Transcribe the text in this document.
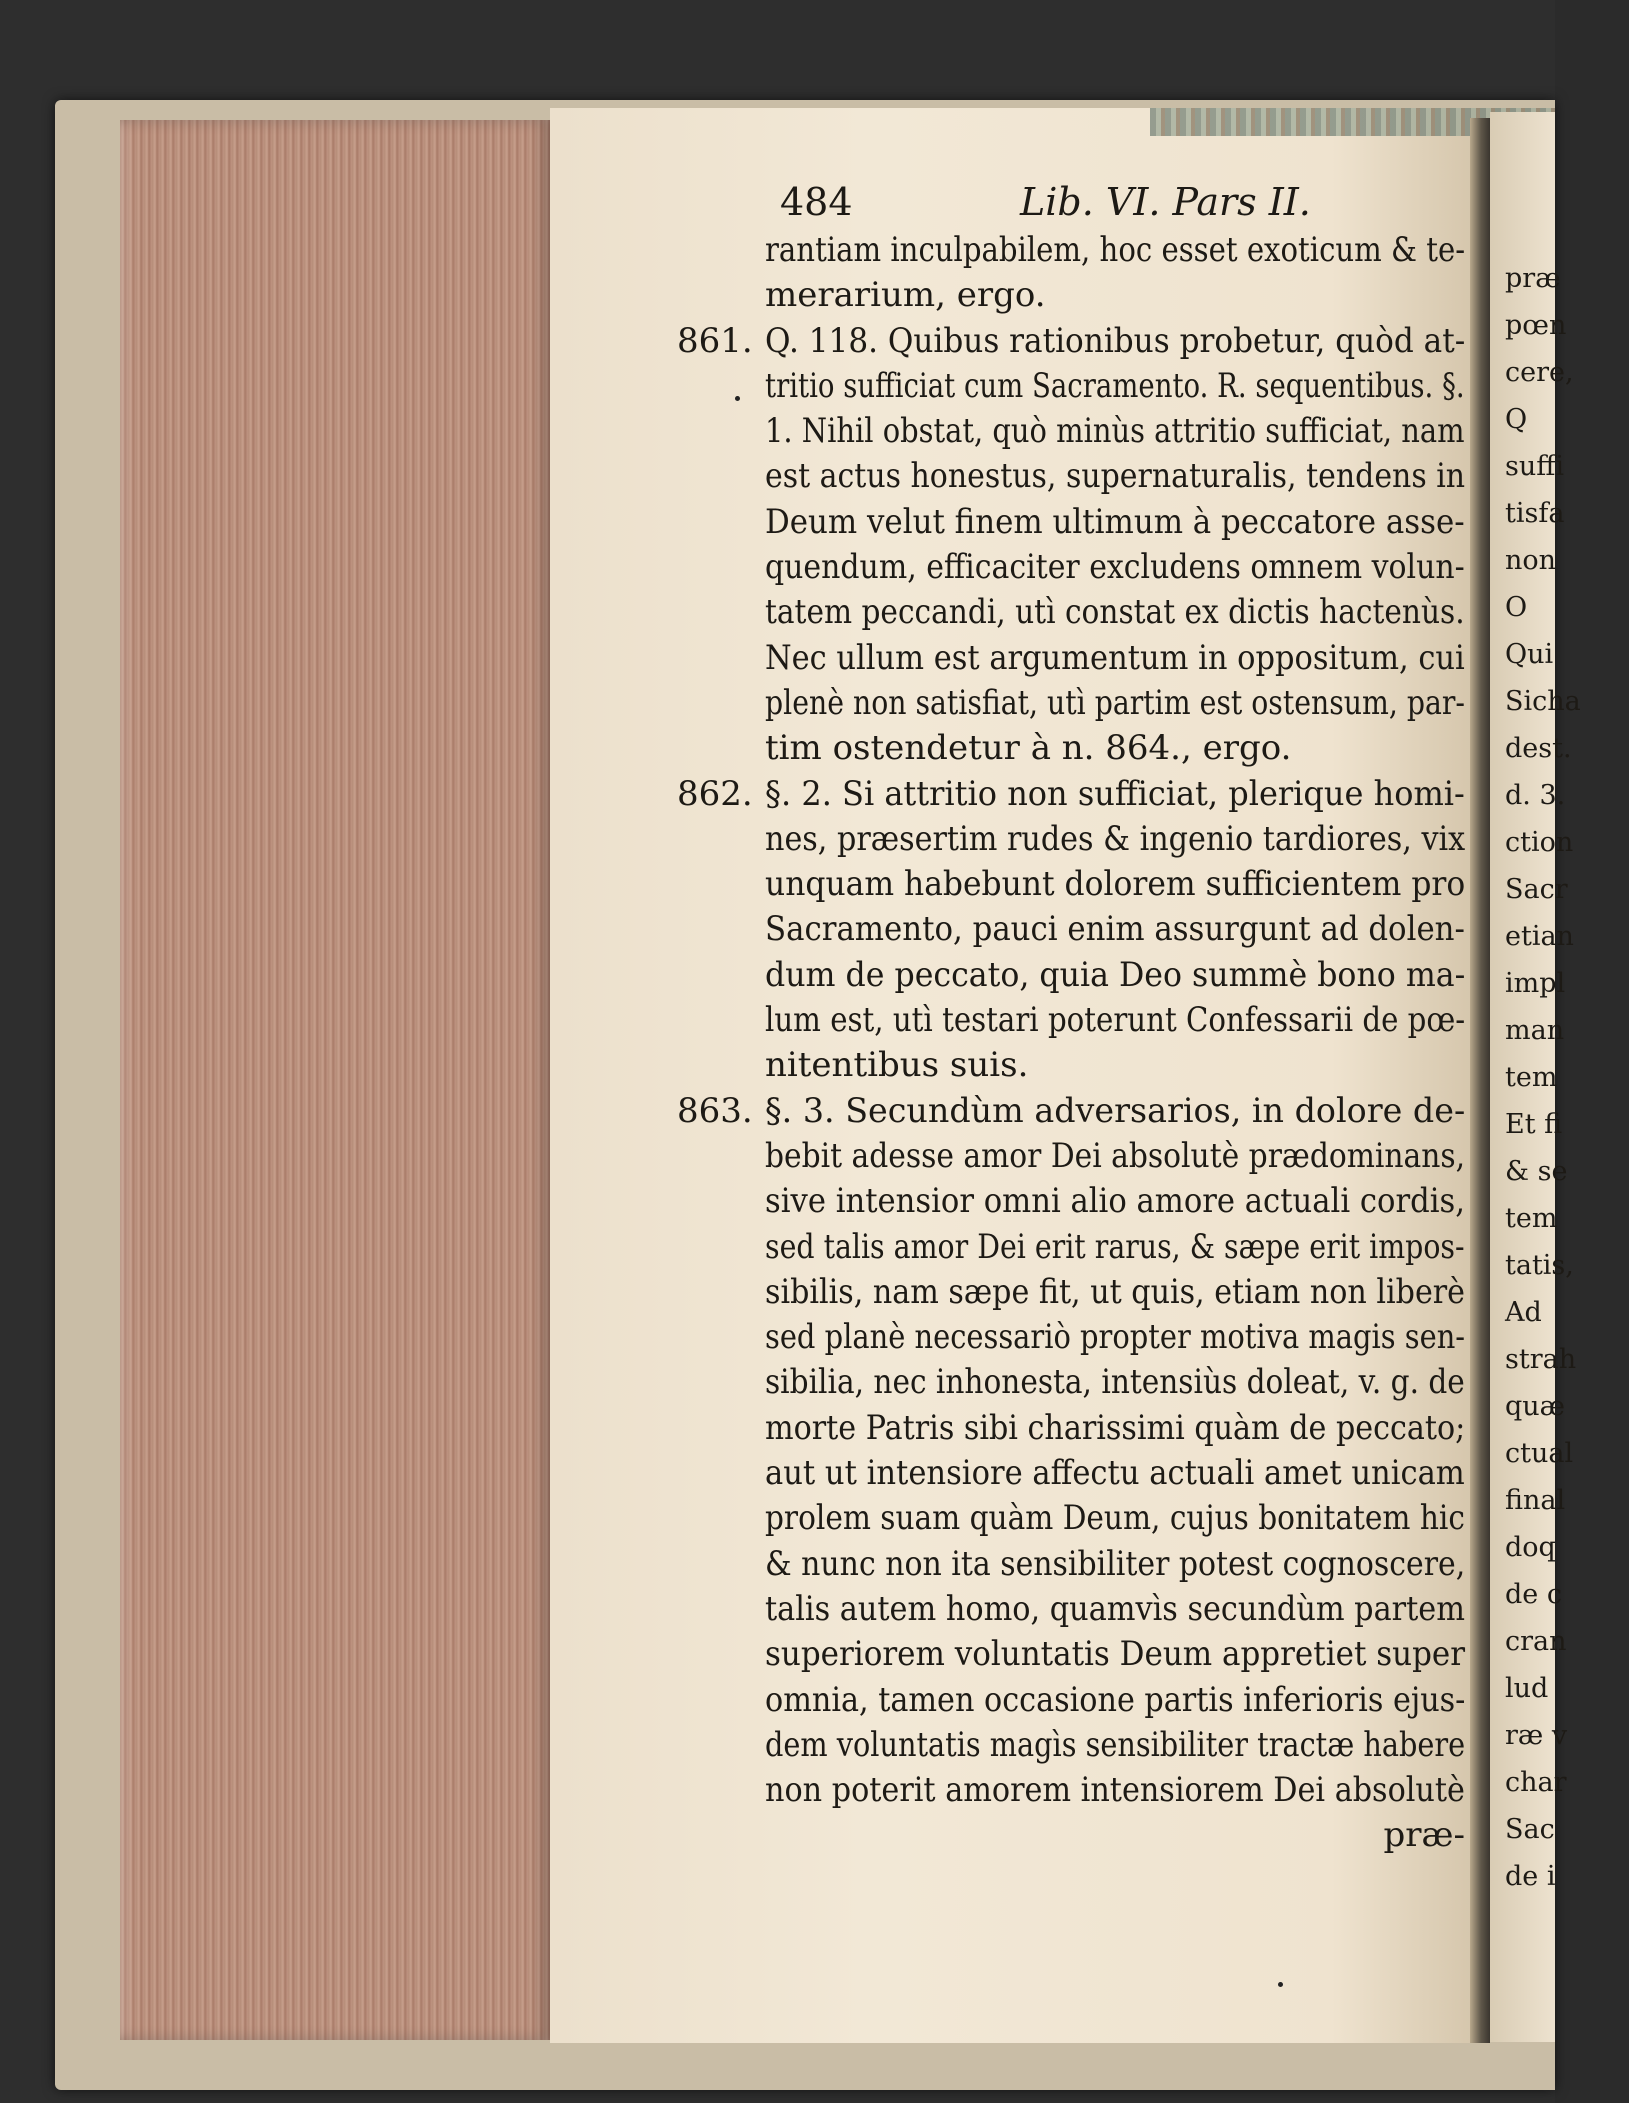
484	Lib. VI. Pars II.
rantiam inculpabilem, hoc esset exoticum & te-
merarium, ergo.
861. Q. 118. Quibus rationibus probetur, quòd at-
tritio sufficiat cum Sacramento. R. sequentibus. §.
1. Nihil obstat, quò minùs attritio sufficiat, nam
est actus honestus, supernaturalis, tendens in
Deum velut finem ultimum à peccatore asse-
quendum, efficaciter excludens omnem volun-
tatem peccandi, utì constat ex dictis hactenùs.
Nec ullum est argumentum in oppositum, cui
plenè non satisfiat, utì partim est ostensum, par-
tim ostendetur à n. 864., ergo.
862. §. 2. Si attritio non sufficiat, plerique homi-
nes, præsertim rudes & ingenio tardiores, vix
unquam habebunt dolorem sufficientem pro
Sacramento, pauci enim assurgunt ad dolen-
dum de peccato, quia Deo summè bono ma-
lum est, utì testari poterunt Confessarii de pœ-
nitentibus suis.
863. §. 3. Secundùm adversarios, in dolore de-
bebit adesse amor Dei absolutè prædominans,
sive intensior omni alio amore actuali cordis,
sed talis amor Dei erit rarus, & sæpe erit impos-
sibilis, nam sæpe fit, ut quis, etiam non liberè
sed planè necessariò propter motiva magis sen-
sibilia, nec inhonesta, intensiùs doleat, v. g. de
morte Patris sibi charissimi quàm de peccato;
aut ut intensiore affectu actuali amet unicam
prolem suam quàm Deum, cujus bonitatem hic
& nunc non ita sensibiliter potest cognoscere,
talis autem homo, quamvìs secundùm partem
superiorem voluntatis Deum appretiet super
omnia, tamen occasione partis inferioris ejus-
dem voluntatis magìs sensibiliter tractæ habere
non poterit amorem intensiorem Dei absolutè
præ-
præ
pœn
cere,
Q
suffi
tisfa
non
O
Qui
Sicha
dest.
d. 3.
ction
Sacr
etian
impl
man
tem
Et fi
& se
tem
tatis,
Ad
strah
quæ
ctual
final
doq
de c
cran
lud
ræ v
char
Sac
de i
